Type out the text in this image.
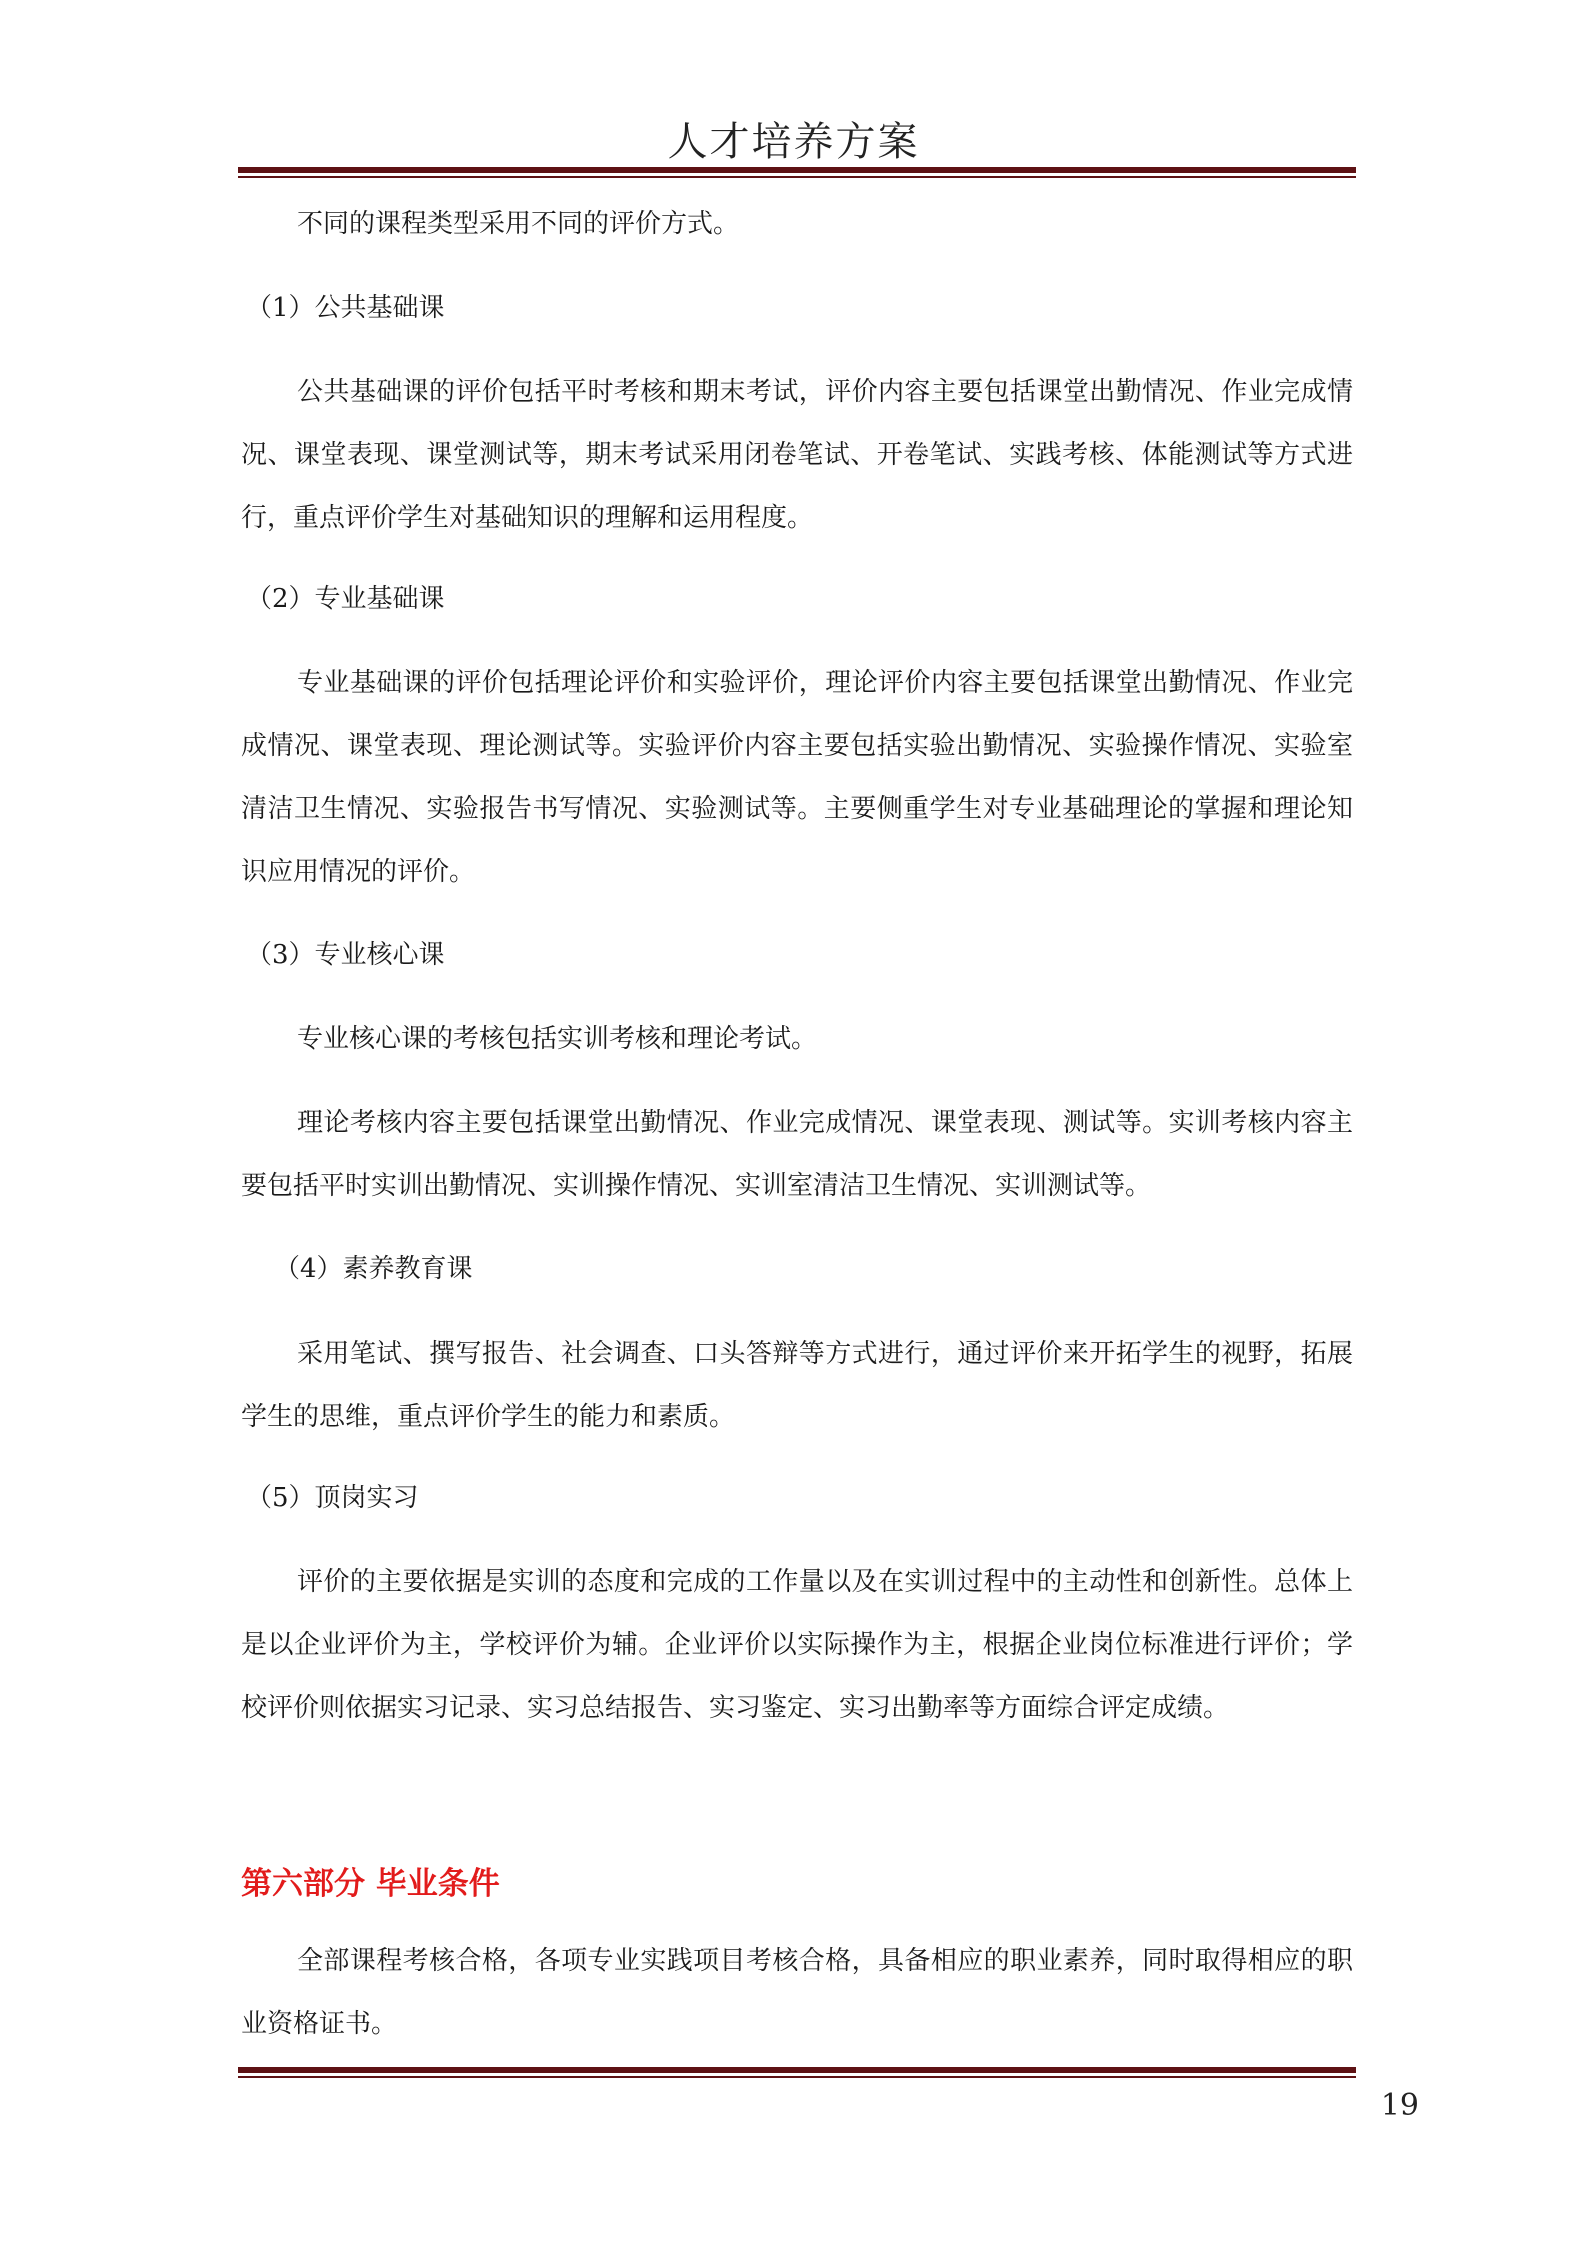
人才培养方案

不同的课程类型采用不同的评价方式。

（1）公共基础课

公共基础课的评价包括平时考核和期末考试，评价内容主要包括课堂出勤情况、作业完成情况、课堂表现、课堂测试等，期末考试采用闭卷笔试、开卷笔试、实践考核、体能测试等方式进行，重点评价学生对基础知识的理解和运用程度。

（2）专业基础课

专业基础课的评价包括理论评价和实验评价，理论评价内容主要包括课堂出勤情况、作业完成情况、课堂表现、理论测试等。实验评价内容主要包括实验出勤情况、实验操作情况、实验室清洁卫生情况、实验报告书写情况、实验测试等。主要侧重学生对专业基础理论的掌握和理论知识应用情况的评价。

（3）专业核心课

专业核心课的考核包括实训考核和理论考试。

理论考核内容主要包括课堂出勤情况、作业完成情况、课堂表现、测试等。实训考核内容主要包括平时实训出勤情况、实训操作情况、实训室清洁卫生情况、实训测试等。

（4）素养教育课

采用笔试、撰写报告、社会调查、口头答辩等方式进行，通过评价来开拓学生的视野，拓展学生的思维，重点评价学生的能力和素质。

（5）顶岗实习

评价的主要依据是实训的态度和完成的工作量以及在实训过程中的主动性和创新性。总体上是以企业评价为主，学校评价为辅。企业评价以实际操作为主，根据企业岗位标准进行评价；学校评价则依据实习记录、实习总结报告、实习鉴定、实习出勤率等方面综合评定成绩。

第六部分 毕业条件

全部课程考核合格，各项专业实践项目考核合格，具备相应的职业素养，同时取得相应的职业资格证书。

19
